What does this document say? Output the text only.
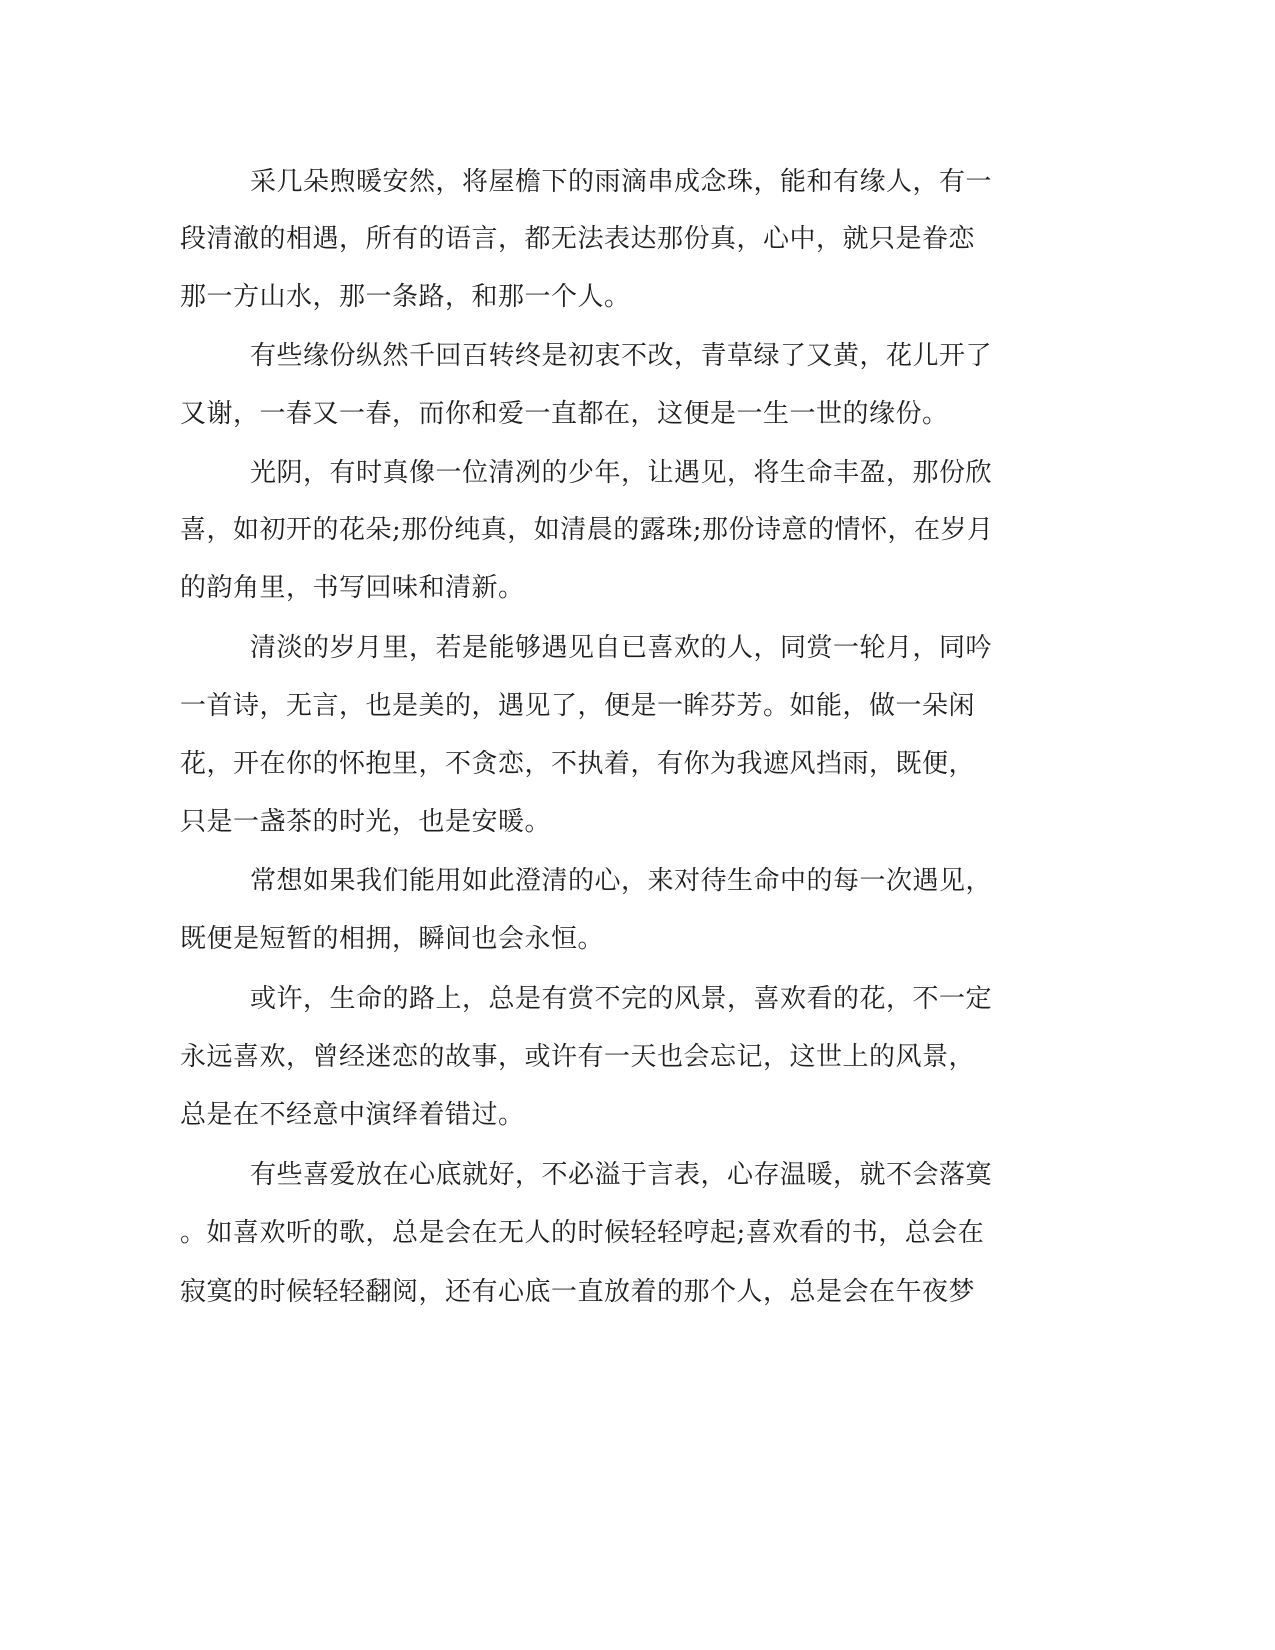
采几朵煦暖安然，将屋檐下的雨滴串成念珠，能和有缘人，有一

段清澈的相遇，所有的语言，都无法表达那份真，心中，就只是眷恋

那一方山水，那一条路，和那一个人。

有些缘份纵然千回百转终是初衷不改，青草绿了又黄，花儿开了

又谢，一春又一春，而你和爱一直都在，这便是一生一世的缘份。

光阴，有时真像一位清冽的少年，让遇见，将生命丰盈，那份欣

喜，如初开的花朵;那份纯真，如清晨的露珠;那份诗意的情怀，在岁月

的韵角里，书写回味和清新。

清淡的岁月里，若是能够遇见自已喜欢的人，同赏一轮月，同吟

一首诗，无言，也是美的，遇见了，便是一眸芬芳。如能，做一朵闲

花，开在你的怀抱里，不贪恋，不执着，有你为我遮风挡雨，既便，

只是一盏茶的时光，也是安暖。

常想如果我们能用如此澄清的心，来对待生命中的每一次遇见，

既便是短暂的相拥，瞬间也会永恒。

或许，生命的路上，总是有赏不完的风景，喜欢看的花，不一定

永远喜欢，曾经迷恋的故事，或许有一天也会忘记，这世上的风景，

总是在不经意中演绎着错过。

有些喜爱放在心底就好，不必溢于言表，心存温暖，就不会落寞

。如喜欢听的歌，总是会在无人的时候轻轻哼起;喜欢看的书，总会在

寂寞的时候轻轻翻阅，还有心底一直放着的那个人，总是会在午夜梦
